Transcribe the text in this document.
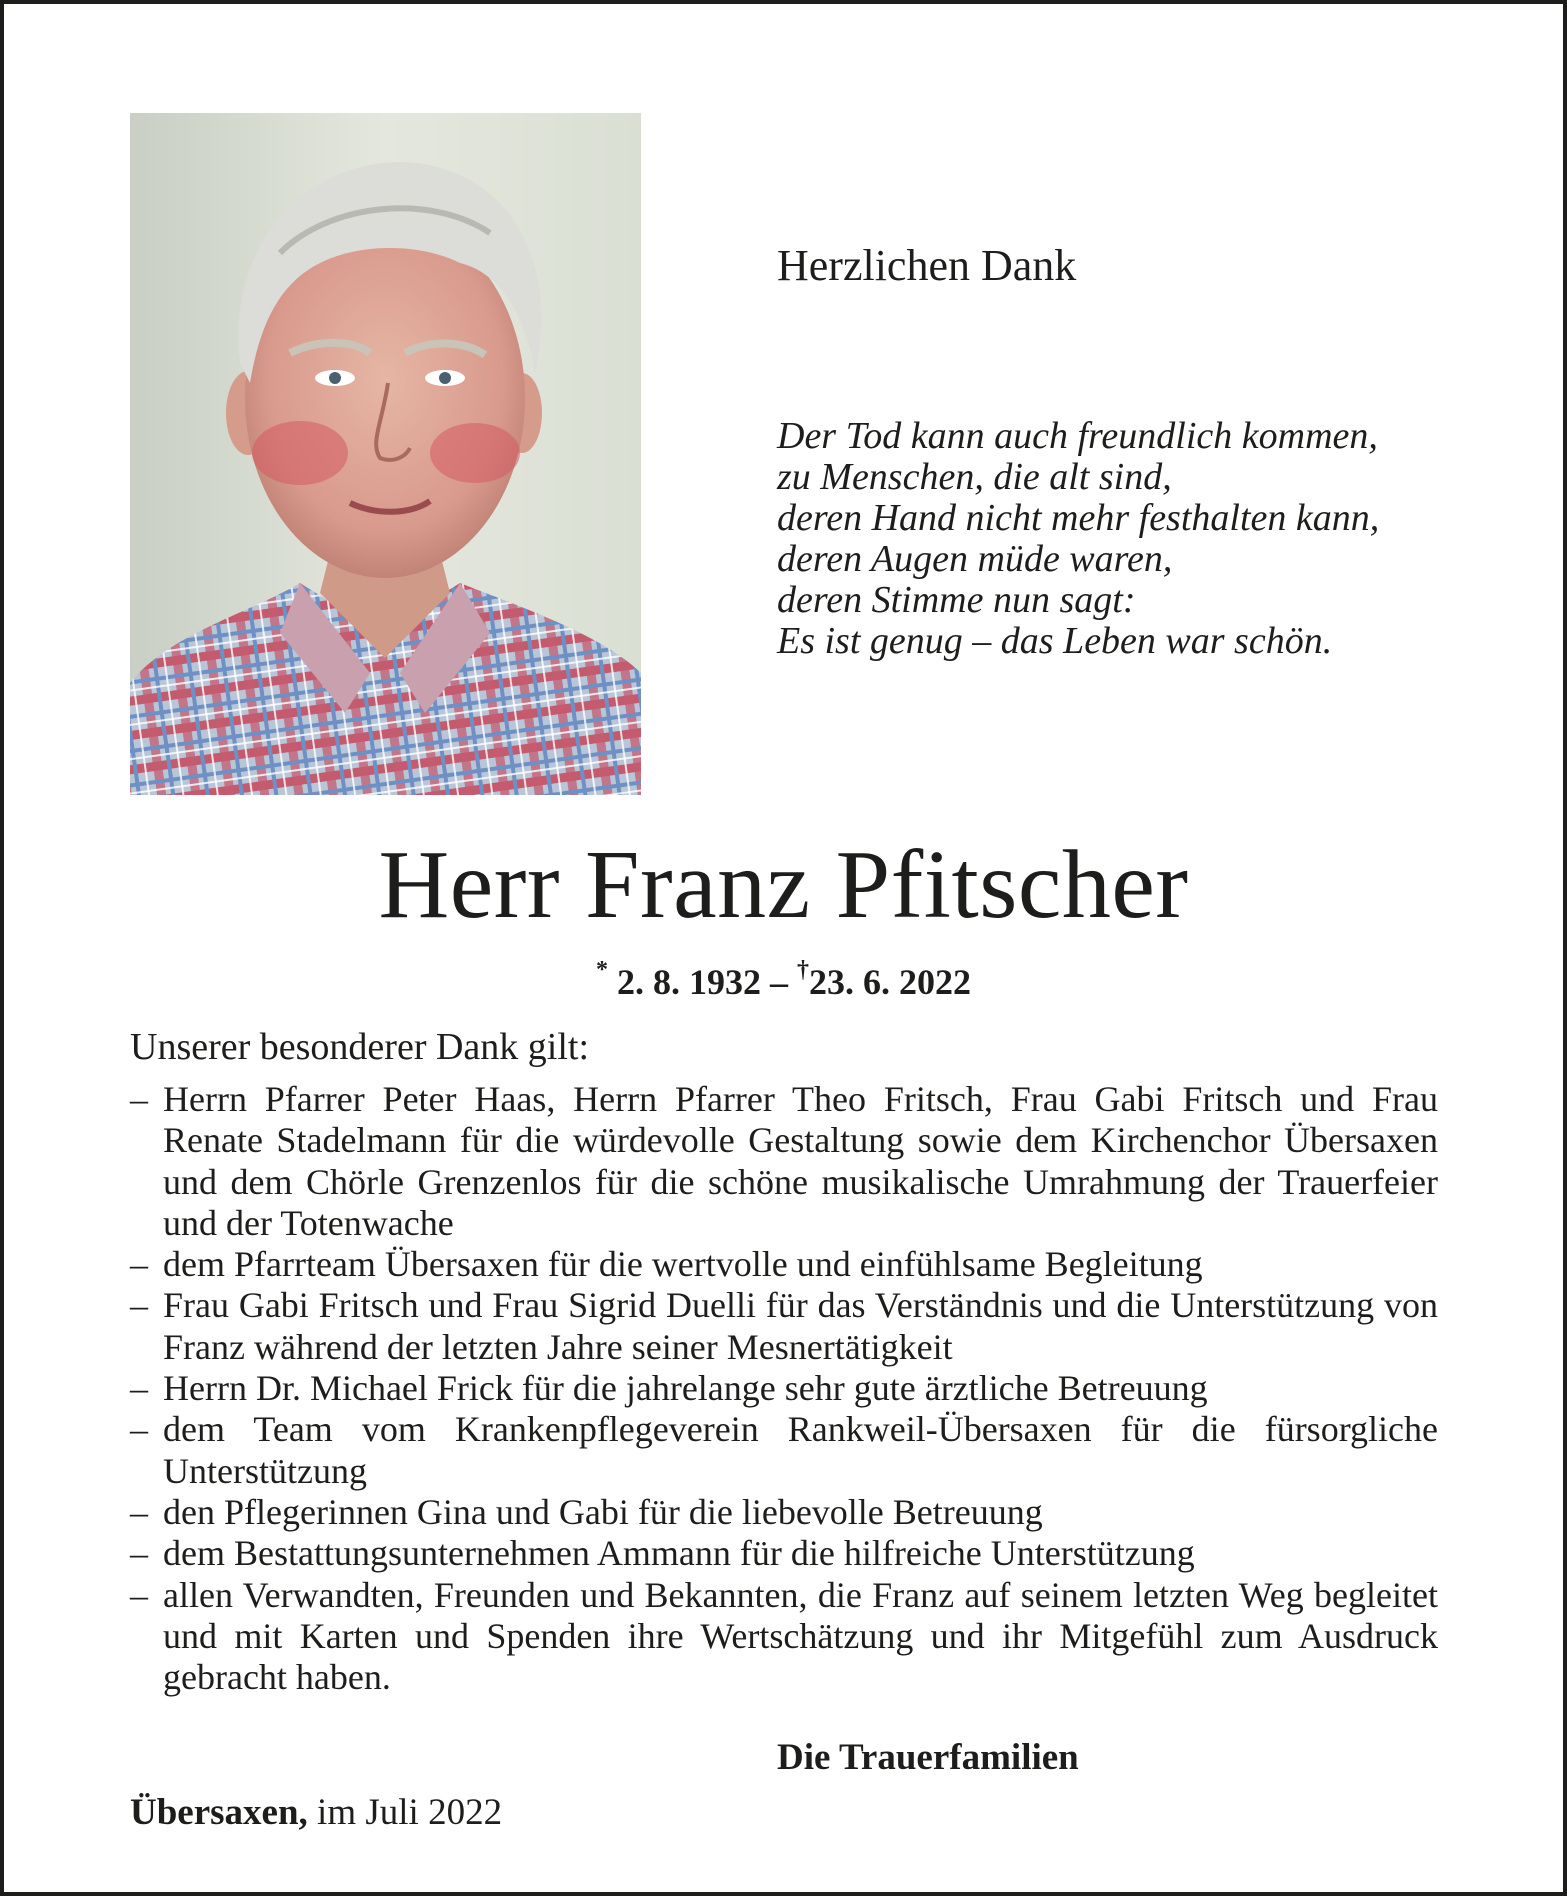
Herzlichen Dank
Der Tod kann auch freundlich kommen,
zu Menschen, die alt sind,
deren Hand nicht mehr festhalten kann,
deren Augen müde waren,
deren Stimme nun sagt:
Es ist genug – das Leben war schön.
Herr Franz Pfitscher
* 2. 8. 1932 – †23. 6. 2022
Unserer besonderer Dank gilt:
– Herrn Pfarrer Peter Haas, Herrn Pfarrer Theo Fritsch, Frau Gabi Fritsch und Frau Renate Stadelmann für die würdevolle Gestaltung sowie dem Kirchenchor Übersaxen und dem Chörle Grenzenlos für die schöne musikalische Umrahmung der Trauerfeier und der Totenwache
– dem Pfarrteam Übersaxen für die wertvolle und einfühlsame Begleitung
– Frau Gabi Fritsch und Frau Sigrid Duelli für das Verständnis und die Unterstützung von Franz während der letzten Jahre seiner Mesnertätigkeit
– Herrn Dr. Michael Frick für die jahrelange sehr gute ärztliche Betreuung
– dem Team vom Krankenpflegeverein Rankweil-Übersaxen für die fürsorgliche Unterstützung
– den Pflegerinnen Gina und Gabi für die liebevolle Betreuung
– dem Bestattungsunternehmen Ammann für die hilfreiche Unterstützung
– allen Verwandten, Freunden und Bekannten, die Franz auf seinem letzten Weg begleitet und mit Karten und Spenden ihre Wertschätzung und ihr Mitgefühl zum Ausdruck gebracht haben.
Die Trauerfamilien
Übersaxen, im Juli 2022
